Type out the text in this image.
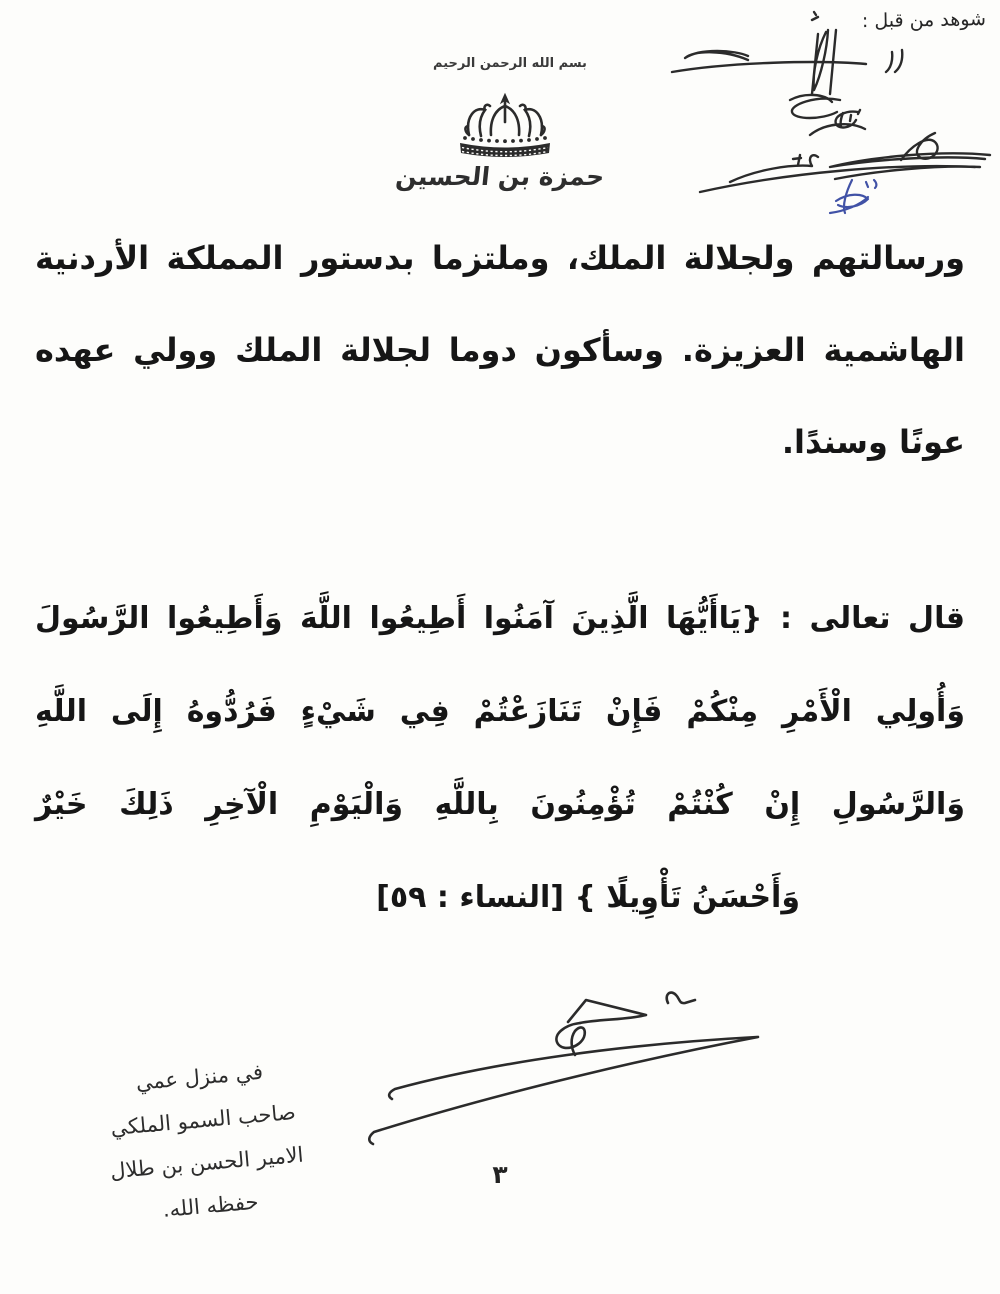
شوهد من قبل :
بسم الله الرحمن الرحيم
حمزة بن الحسين
ورسالتهم ولجلالة الملك، وملتزما بدستور المملكة الأردنية
الهاشمية العزيزة. وسأكون دوما لجلالة الملك وولي عهده
عونًا وسندًا.
قال تعالى : {يَاأَيُّهَا الَّذِينَ آمَنُوا أَطِيعُوا اللَّهَ وَأَطِيعُوا الرَّسُولَ
وَأُولِي الْأَمْرِ مِنْكُمْ فَإِنْ تَنَازَعْتُمْ فِي شَيْءٍ فَرُدُّوهُ إِلَى اللَّهِ
وَالرَّسُولِ إِنْ كُنْتُمْ تُؤْمِنُونَ بِاللَّهِ وَالْيَوْمِ الْآخِرِ ذَلِكَ خَيْرٌ
وَأَحْسَنُ تَأْوِيلًا } [النساء : ٥٩]
في منزل عمي
صاحب السمو الملكي
الامير الحسن بن طلال
حفظه الله.
٣
